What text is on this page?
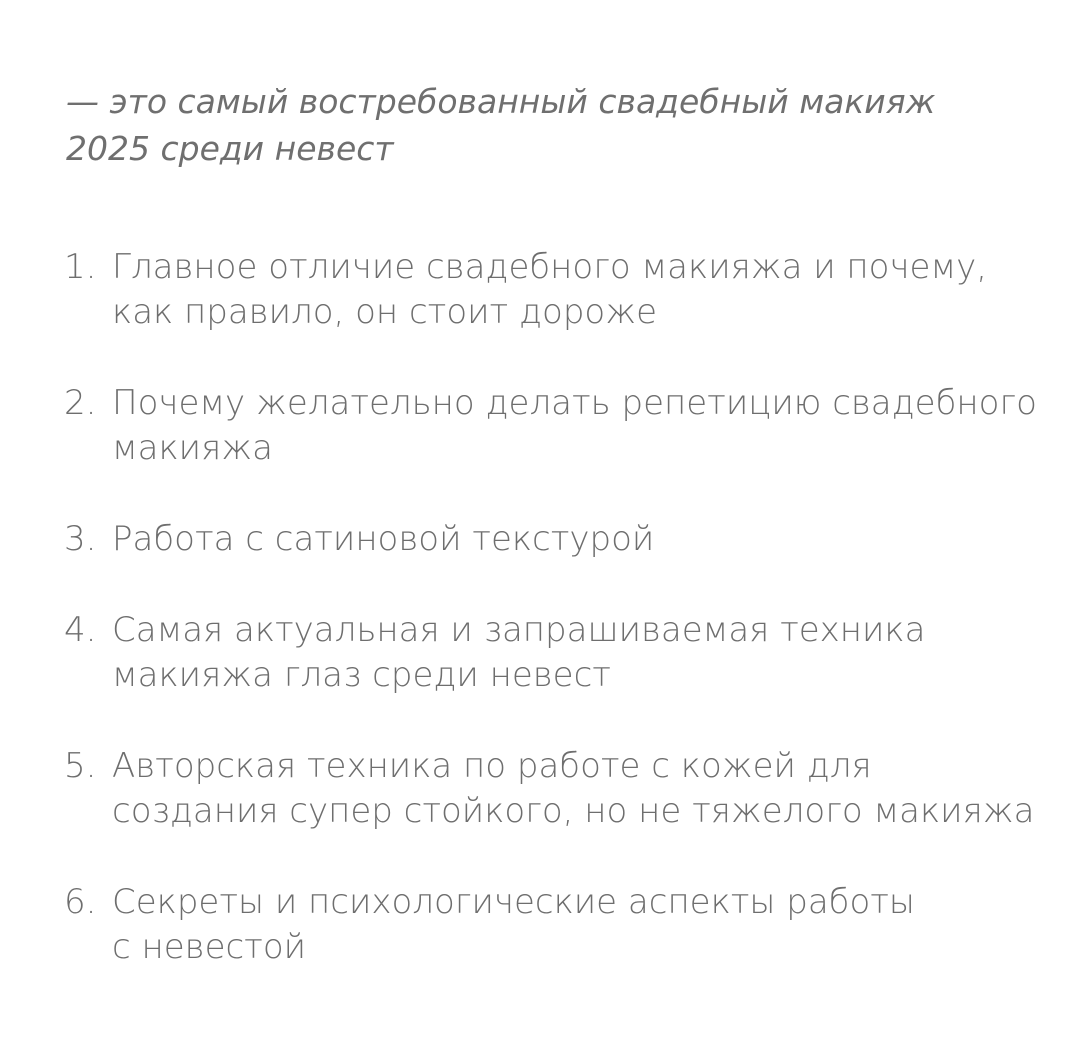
— это самый востребованный свадебный макияж
2025 среди невест

1. Главное отличие свадебного макияжа и почему,
как правило, он стоит дороже
2. Почему желательно делать репетицию свадебного
макияжа
3. Работа с сатиновой текстурой
4. Самая актуальная и запрашиваемая техника
макияжа глаз среди невест
5. Авторская техника по работе с кожей для
создания супер стойкого, но не тяжелого макияжа
6. Секреты и психологические аспекты работы
с невестой
